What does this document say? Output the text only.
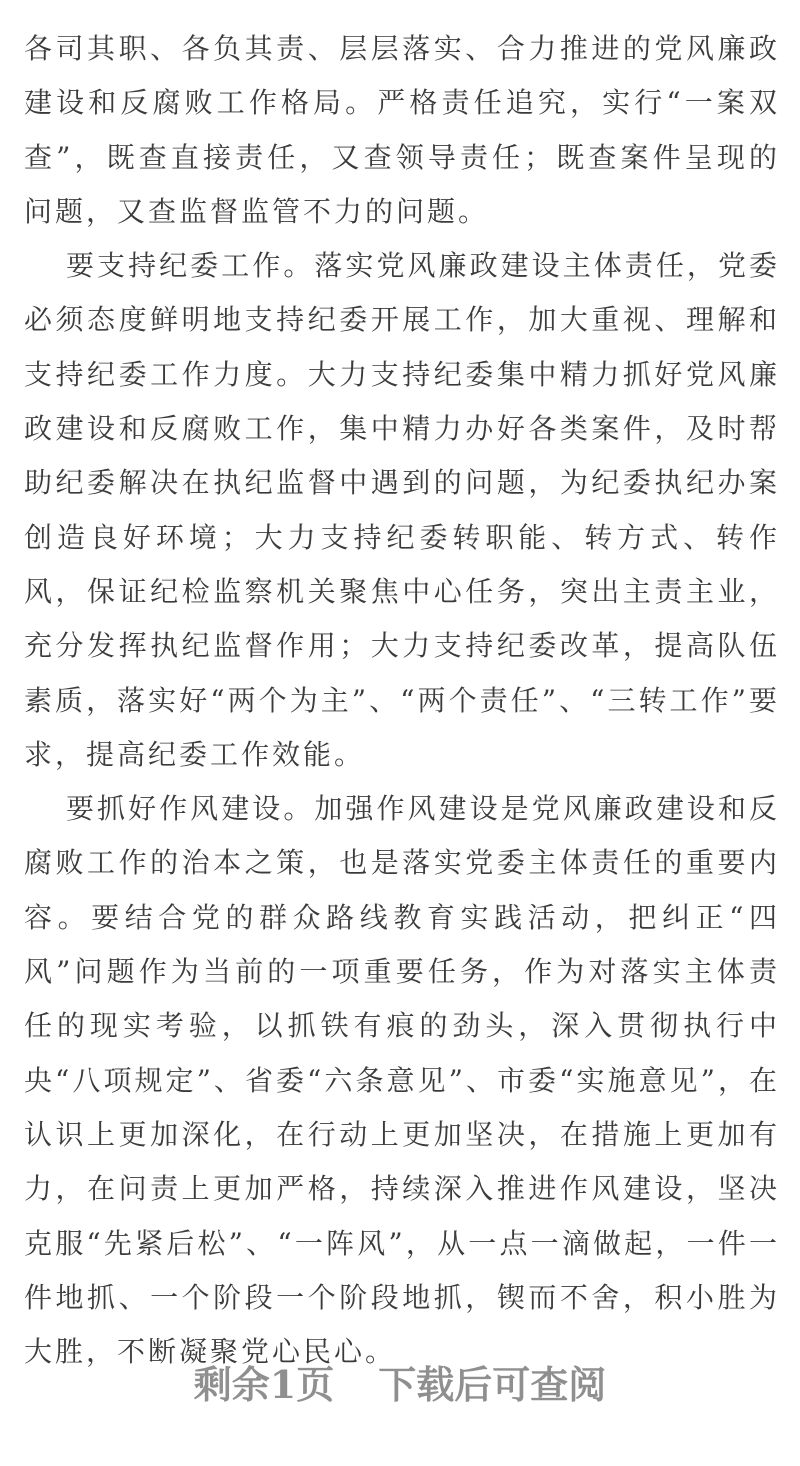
各司其职、各负其责、层层落实、合力推进的党风廉政建设和反腐败工作格局。严格责任追究，实行“一案双查”，既查直接责任，又查领导责任；既查案件呈现的问题，又查监督监管不力的问题。

要支持纪委工作。落实党风廉政建设主体责任，党委必须态度鲜明地支持纪委开展工作，加大重视、理解和支持纪委工作力度。大力支持纪委集中精力抓好党风廉政建设和反腐败工作，集中精力办好各类案件，及时帮助纪委解决在执纪监督中遇到的问题，为纪委执纪办案创造良好环境；大力支持纪委转职能、转方式、转作风，保证纪检监察机关聚焦中心任务，突出主责主业，充分发挥执纪监督作用；大力支持纪委改革，提高队伍素质，落实好“两个为主”、“两个责任”、“三转工作”要求，提高纪委工作效能。

要抓好作风建设。加强作风建设是党风廉政建设和反腐败工作的治本之策，也是落实党委主体责任的重要内容。要结合党的群众路线教育实践活动，把纠正“四风”问题作为当前的一项重要任务，作为对落实主体责任的现实考验，以抓铁有痕的劲头，深入贯彻执行中央“八项规定”、省委“六条意见”、市委“实施意见”，在认识上更加深化，在行动上更加坚决，在措施上更加有力，在问责上更加严格，持续深入推进作风建设，坚决克服“先紧后松”、“一阵风”，从一点一滴做起，一件一件地抓、一个阶段一个阶段地抓，锲而不舍，积小胜为大胜，不断凝聚党心民心。

剩余1页 下载后可查阅
